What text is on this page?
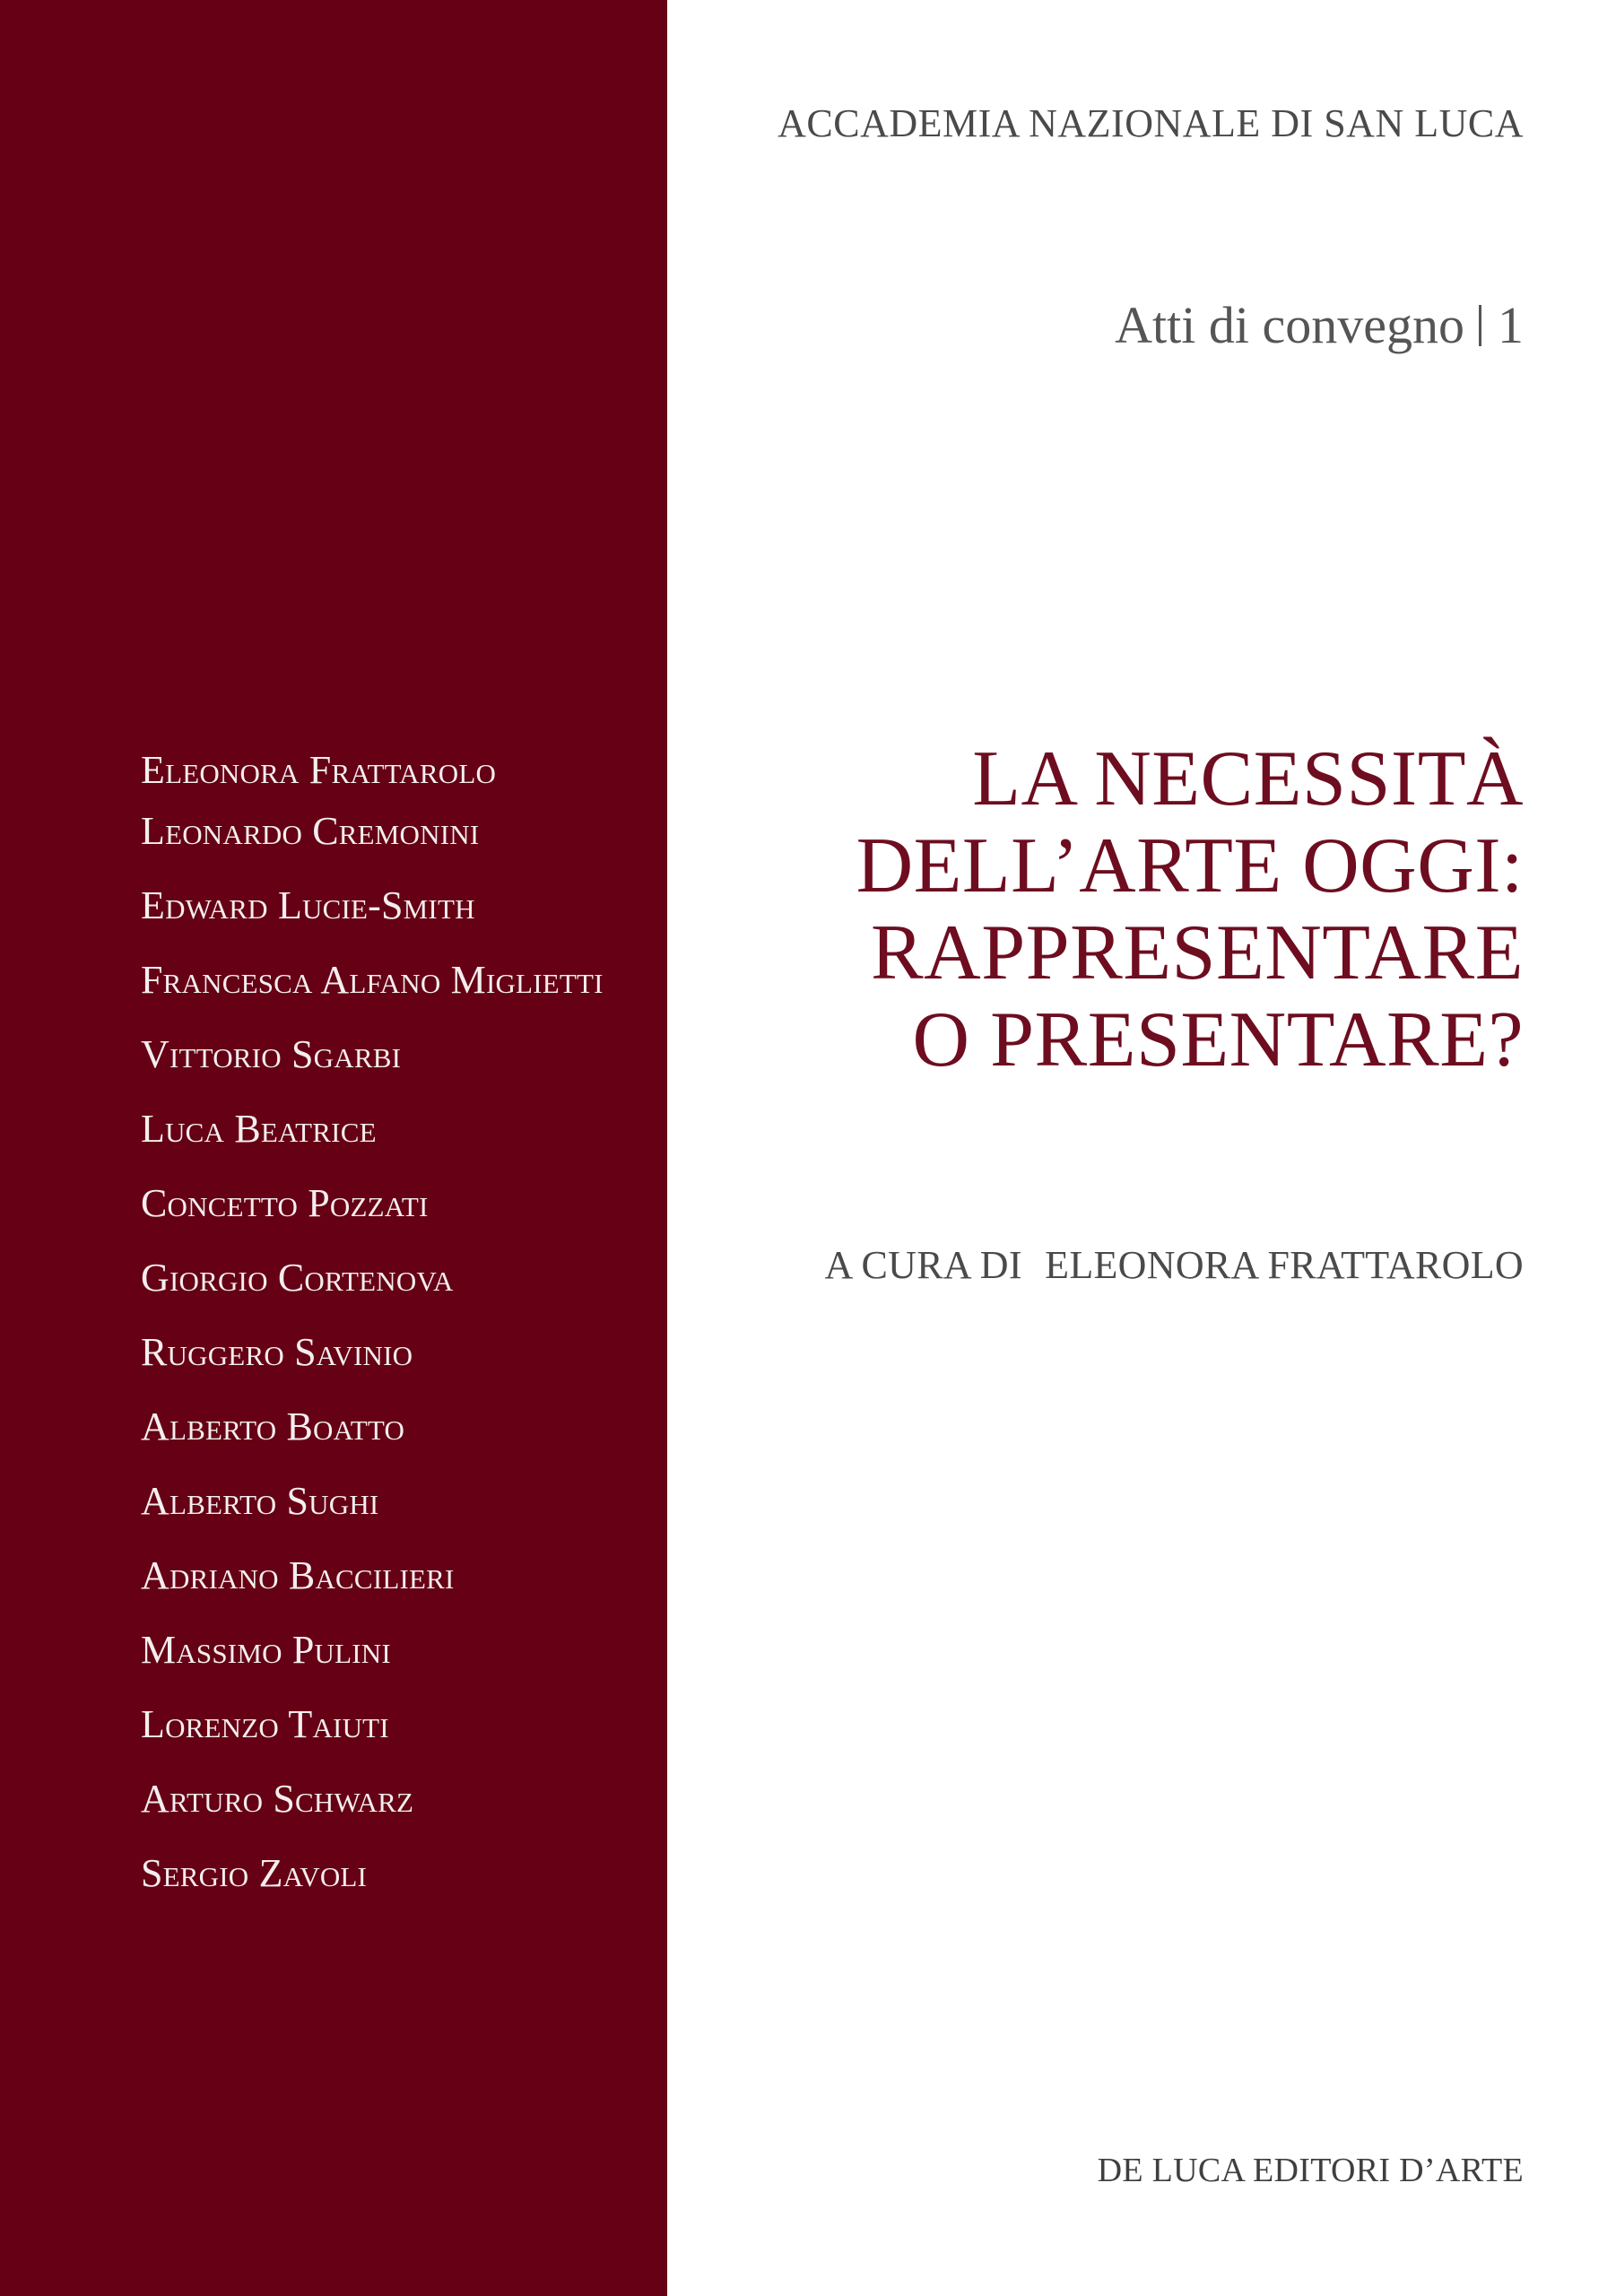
Eleonora Frattarolo
Leonardo Cremonini
Edward Lucie-Smith
Francesca Alfano Miglietti
Vittorio Sgarbi
Luca Beatrice
Concetto Pozzati
Giorgio Cortenova
Ruggero Savinio
Alberto Boatto
Alberto Sughi
Adriano Baccilieri
Massimo Pulini
Lorenzo Taiuti
Arturo Schwarz
Sergio Zavoli
ACCADEMIA NAZIONALE DI SAN LUCA
Atti di convegno 1
LA NECESSITÀ
DELL’ARTE OGGI:
RAPPRESENTARE
O PRESENTARE?
A CURA DI ELEONORA FRATTAROLO
DE LUCA EDITORI D’ARTE
